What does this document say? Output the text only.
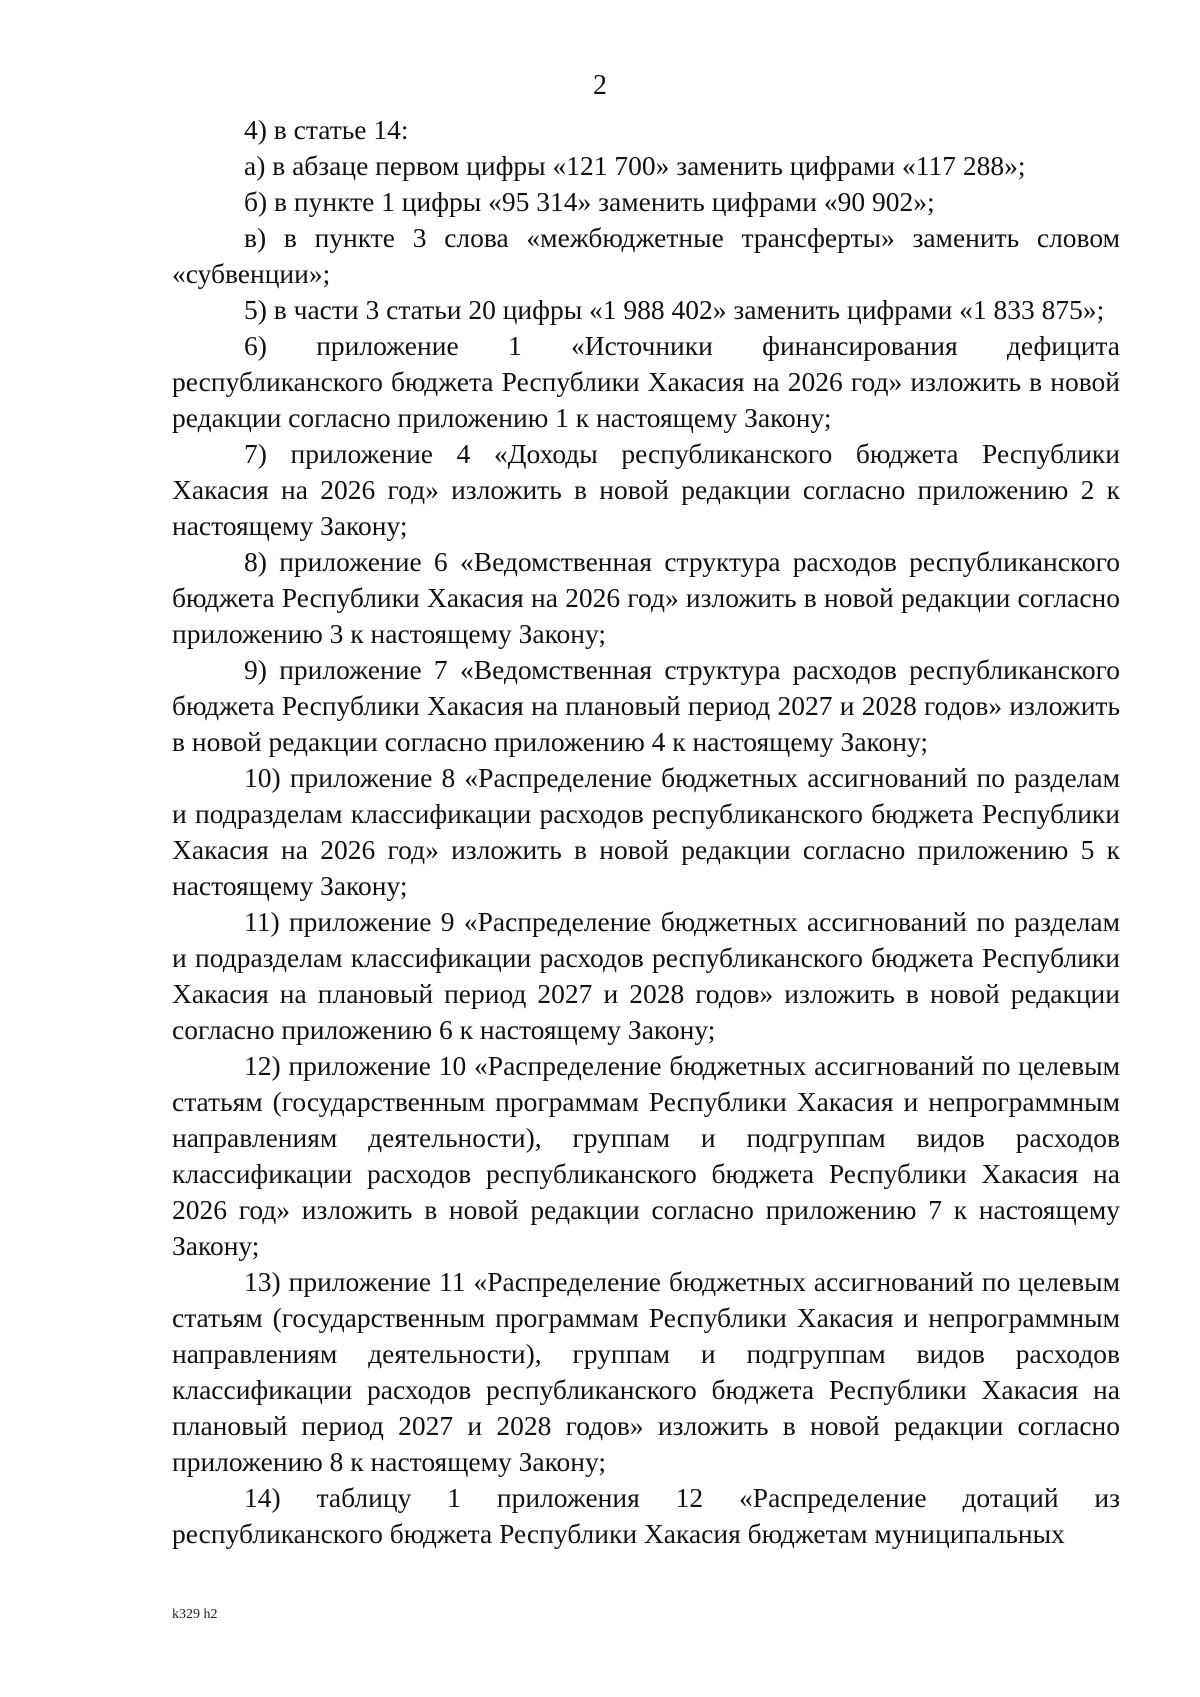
2

4) в статье 14:

а) в абзаце первом цифры «121 700» заменить цифрами «117 288»;

б) в пункте 1 цифры «95 314» заменить цифрами «90 902»;

в) в пункте 3 слова «межбюджетные трансферты» заменить словом «субвенции»;

5) в части 3 статьи 20 цифры «1 988 402» заменить цифрами «1 833 875»;

6) приложение 1 «Источники финансирования дефицита республиканского бюджета Республики Хакасия на 2026 год» изложить в новой редакции согласно приложению 1 к настоящему Закону;

7) приложение 4 «Доходы республиканского бюджета Республики Хакасия на 2026 год» изложить в новой редакции согласно приложению 2 к настоящему Закону;

8) приложение 6 «Ведомственная структура расходов республиканского бюджета Республики Хакасия на 2026 год» изложить в новой редакции согласно приложению 3 к настоящему Закону;

9) приложение 7 «Ведомственная структура расходов республиканского бюджета Республики Хакасия на плановый период 2027 и 2028 годов» изложить в новой редакции согласно приложению 4 к настоящему Закону;

10) приложение 8 «Распределение бюджетных ассигнований по разделам и подразделам классификации расходов республиканского бюджета Республики Хакасия на 2026 год» изложить в новой редакции согласно приложению 5 к настоящему Закону;

11) приложение 9 «Распределение бюджетных ассигнований по разделам и подразделам классификации расходов республиканского бюджета Республики Хакасия на плановый период 2027 и 2028 годов» изложить в новой редакции согласно приложению 6 к настоящему Закону;

12) приложение 10 «Распределение бюджетных ассигнований по целевым статьям (государственным программам Республики Хакасия и непрограммным направлениям деятельности), группам и подгруппам видов расходов классификации расходов республиканского бюджета Республики Хакасия на 2026 год» изложить в новой редакции согласно приложению 7 к настоящему Закону;

13) приложение 11 «Распределение бюджетных ассигнований по целевым статьям (государственным программам Республики Хакасия и непрограммным направлениям деятельности), группам и подгруппам видов расходов классификации расходов республиканского бюджета Республики Хакасия на плановый период 2027 и 2028 годов» изложить в новой редакции согласно приложению 8 к настоящему Закону;

14) таблицу 1 приложения 12 «Распределение дотаций из республиканского бюджета Республики Хакасия бюджетам муниципальных

k329 h2
